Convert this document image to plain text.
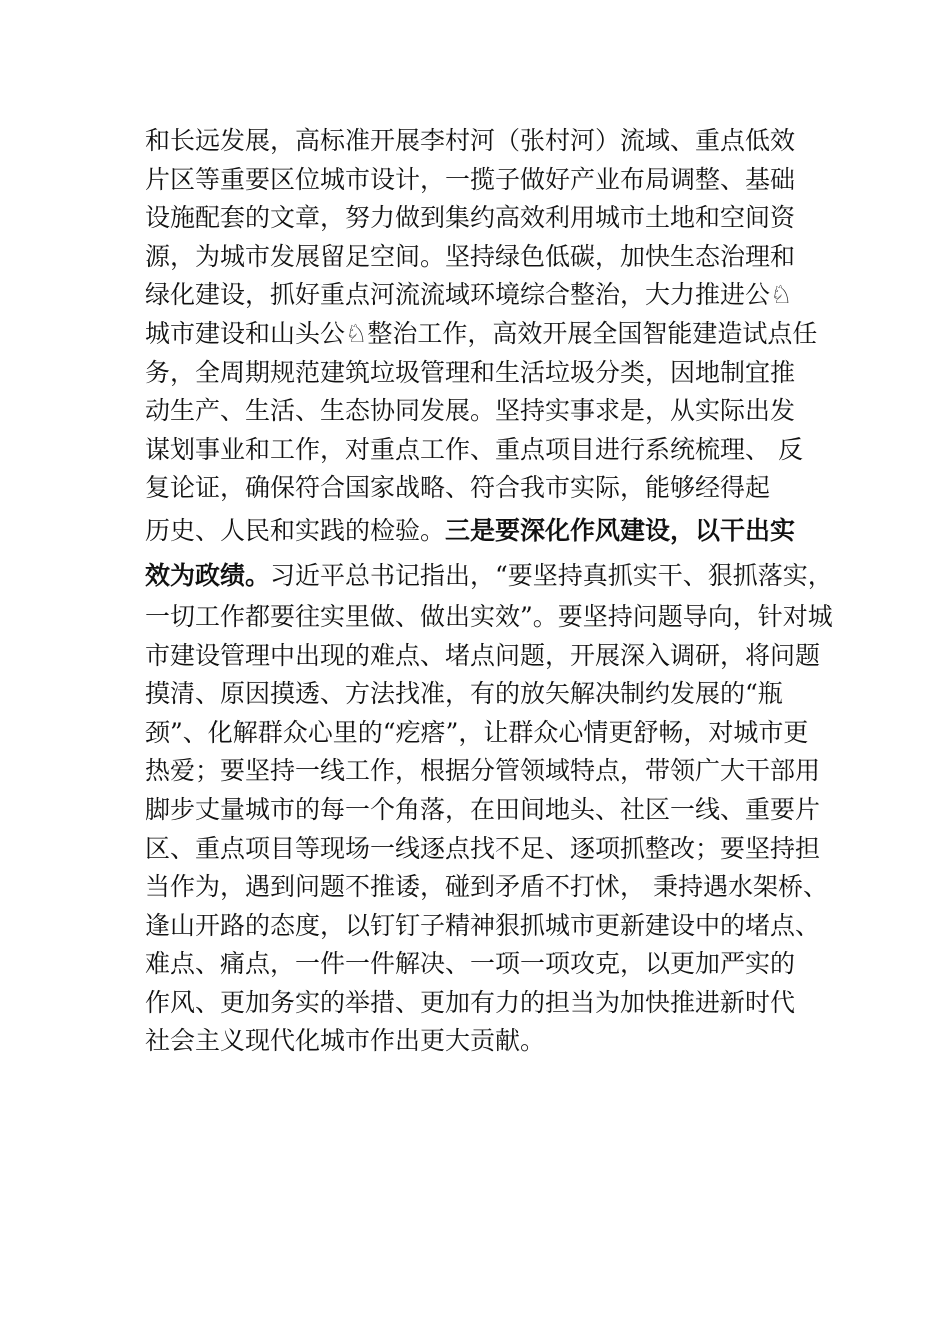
和长远发展，高标准开展李村河（张村河）流域、重点低效
片区等重要区位城市设计，一揽子做好产业布局调整、基础
设施配套的文章，努力做到集约高效利用城市土地和空间资
源，为城市发展留足空间。坚持绿色低碳，加快生态治理和
绿化建设，抓好重点河流流域环境综合整治，大力推进公♘
城市建设和山头公♘整治工作，高效开展全国智能建造试点任
务，全周期规范建筑垃圾管理和生活垃圾分类，因地制宜推
动生产、生活、生态协同发展。坚持实事求是，从实际出发
谋划事业和工作，对重点工作、重点项目进行系统梳理、 反
复论证，确保符合国家战略、符合我市实际，能够经得起
历史、人民和实践的检验。三是要深化作风建设，以干出实
效为政绩。习近平总书记指出，“要坚持真抓实干、狠抓落实，
一切工作都要往实里做、做出实效”。要坚持问题导向，针对城
市建设管理中出现的难点、堵点问题，开展深入调研，将问题
摸清、原因摸透、方法找准，有的放矢解决制约发展的“瓶
颈”、化解群众心里的“疙瘩”，让群众心情更舒畅，对城市更
热爱；要坚持一线工作，根据分管领域特点，带领广大干部用
脚步丈量城市的每一个角落，在田间地头、社区一线、重要片
区、重点项目等现场一线逐点找不足、逐项抓整改；要坚持担
当作为，遇到问题不推诿，碰到矛盾不打怵， 秉持遇水架桥、
逢山开路的态度，以钉钉子精神狠抓城市更新建设中的堵点、
难点、痛点，一件一件解决、一项一项攻克，以更加严实的
作风、更加务实的举措、更加有力的担当为加快推进新时代
社会主义现代化城市作出更大贡献。
